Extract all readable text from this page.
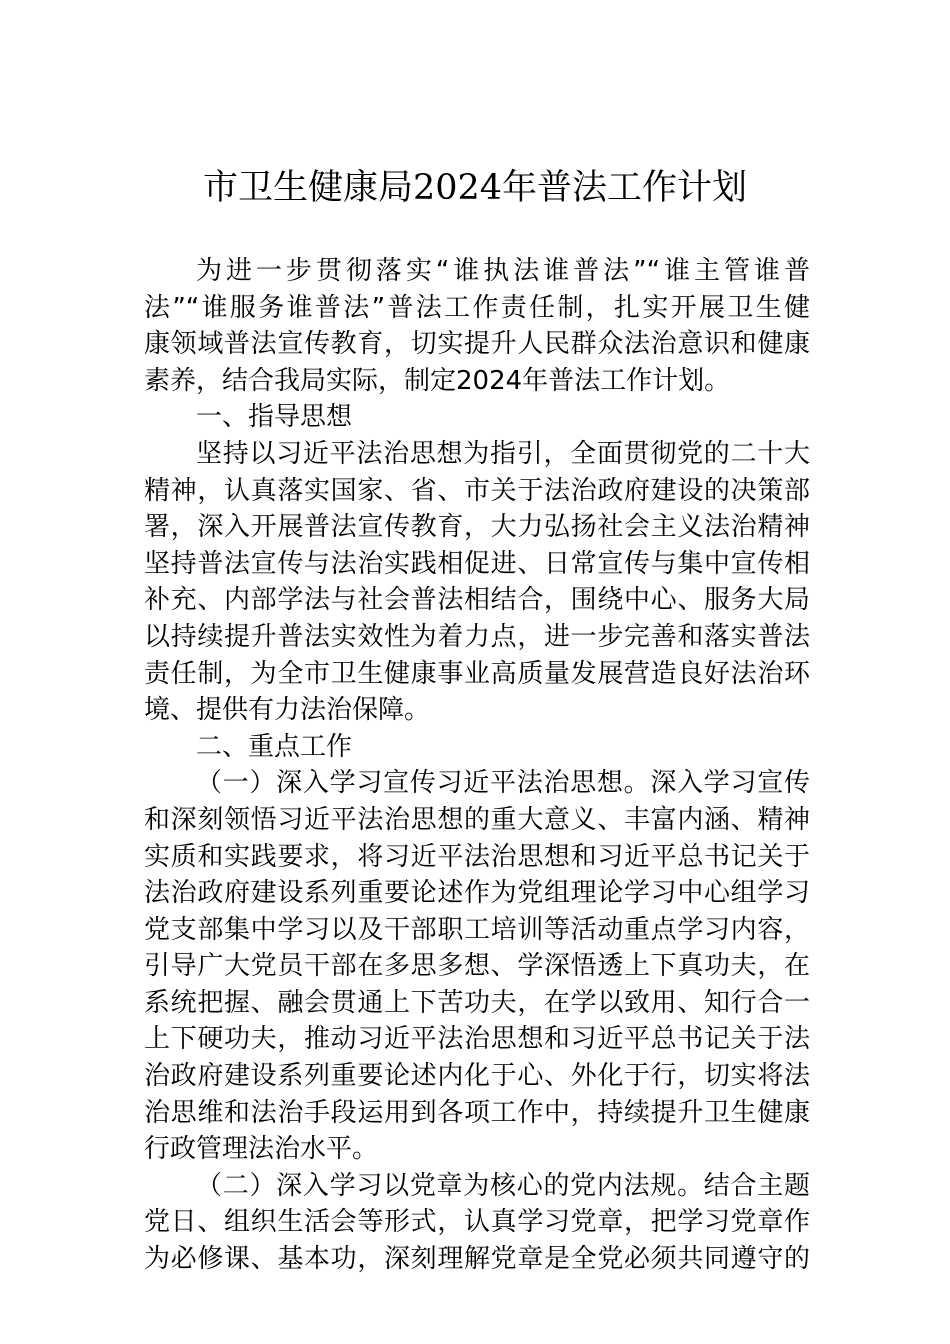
市卫生健康局2024年普法工作计划
为进一步贯彻落实“谁执法谁普法”“谁主管谁普
法”“谁服务谁普法”普法工作责任制，扎实开展卫生健
康领域普法宣传教育，切实提升人民群众法治意识和健康
素养，结合我局实际，制定2024年普法工作计划。
一、指导思想
坚持以习近平法治思想为指引，全面贯彻党的二十大
精神，认真落实国家、省、市关于法治政府建设的决策部
署，深入开展普法宣传教育，大力弘扬社会主义法治精神
坚持普法宣传与法治实践相促进、日常宣传与集中宣传相
补充、内部学法与社会普法相结合，围绕中心、服务大局
以持续提升普法实效性为着力点，进一步完善和落实普法
责任制，为全市卫生健康事业高质量发展营造良好法治环
境、提供有力法治保障。
二、重点工作
（一）深入学习宣传习近平法治思想。深入学习宣传
和深刻领悟习近平法治思想的重大意义、丰富内涵、精神
实质和实践要求，将习近平法治思想和习近平总书记关于
法治政府建设系列重要论述作为党组理论学习中心组学习
党支部集中学习以及干部职工培训等活动重点学习内容，
引导广大党员干部在多思多想、学深悟透上下真功夫，在
系统把握、融会贯通上下苦功夫，在学以致用、知行合一
上下硬功夫，推动习近平法治思想和习近平总书记关于法
治政府建设系列重要论述内化于心、外化于行，切实将法
治思维和法治手段运用到各项工作中，持续提升卫生健康
行政管理法治水平。
（二）深入学习以党章为核心的党内法规。结合主题
党日、组织生活会等形式，认真学习党章，把学习党章作
为必修课、基本功，深刻理解党章是全党必须共同遵守的
